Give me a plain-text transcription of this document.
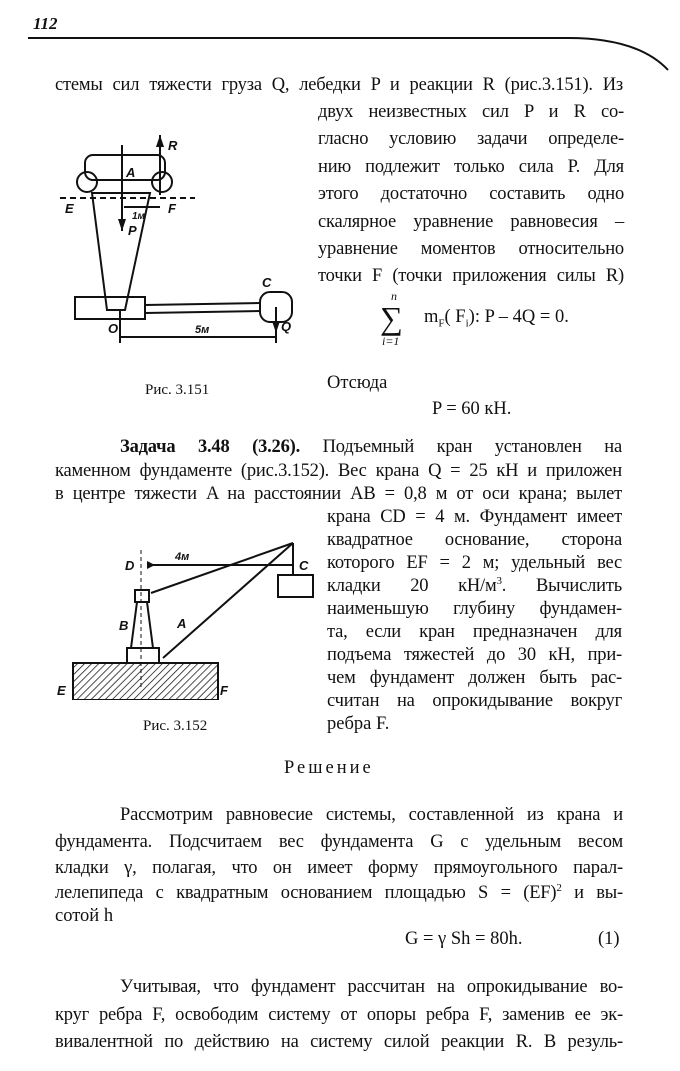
112
стемы сил тяжести груза Q, лебедки P и реакции R (рис.3.151). Из
двух неизвестных сил P и R со-
гласно условию задачи определе-
нию подлежит только сила P. Для
этого достаточно составить одно
скалярное уравнение равновесия –
уравнение моментов относительно
точки F (точки приложения силы R)
n
∑
i=1
$m_F$( $F_i$): P – 4Q = 0.
Отсюда
P = 60 кН.
Рис. 3.151
R
A
E	F
1м
P
C
O	Q
5м
Задача 3.48 (3.26). Подъемный кран установлен на
каменном фундаменте (рис.3.152). Вес крана Q = 25 кН и приложен
в центре тяжести A на расстоянии AB = 0,8 м от оси крана; вылет
крана CD = 4 м. Фундамент имеет
квадратное основание, сторона
которого EF = 2 м; удельный вес
кладки 20 $кН/м^3$. Вычислить
наименьшую глубину фундамен-
та, если кран предназначен для
подъема тяжестей до 30 кН, при-
чем фундамент должен быть рас-
считан на опрокидывание вокруг
ребра F.
Рис. 3.152
4м
D	C
B	A
E	F
Решение
Рассмотрим равновесие системы, составленной из крана и
фундамента. Подсчитаем вес фундамента G с удельным весом
кладки γ, полагая, что он имеет форму прямоугольного парал-
лелепипеда с квадратным основанием площадью S = (EF)$^2$ и вы-
сотой h
G = γ Sh = 80h.	(1)
Учитывая, что фундамент рассчитан на опрокидывание во-
круг ребра F, освободим систему от опоры ребра F, заменив ее эк-
вивалентной по действию на систему силой реакции R. В резуль-
